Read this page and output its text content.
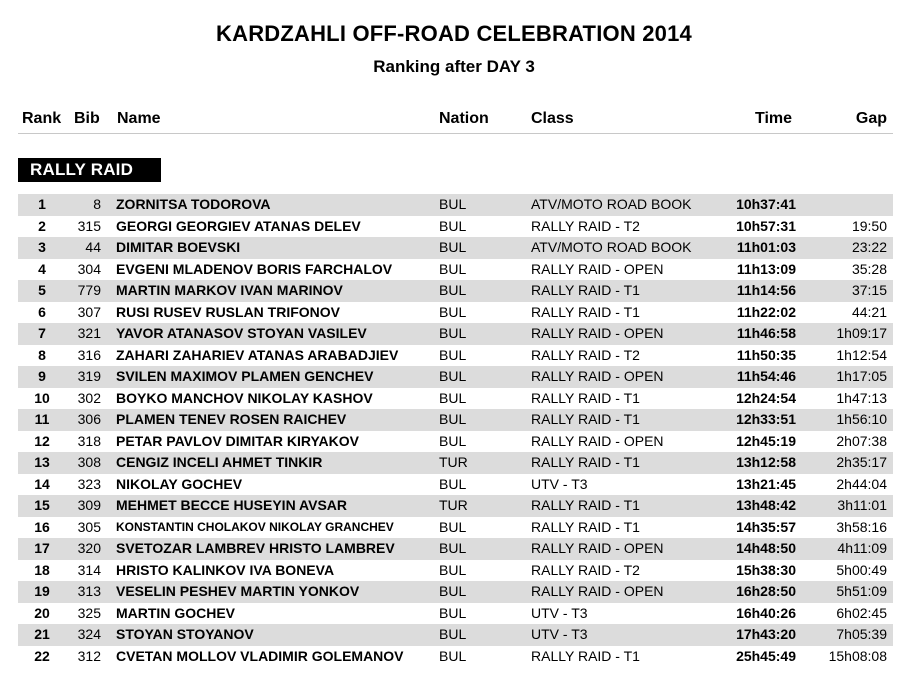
KARDZAHLI OFF-ROAD CELEBRATION 2014
Ranking after DAY 3
Rank Bib Name	Nation	Class	Time	Gap
RALLY RAID
1	8 ZORNITSA TODOROVA	BUL	ATV/MOTO ROAD BOOK	10h37:41
2	315 GEORGI GEORGIEV ATANAS DELEV	BUL	RALLY RAID - T2	10h57:31	19:50
3	44 DIMITAR BOEVSKI	BUL	ATV/MOTO ROAD BOOK	11h01:03	23:22
4	304 EVGENI MLADENOV BORIS FARCHALOV	BUL	RALLY RAID - OPEN	11h13:09	35:28
5	779 MARTIN MARKOV IVAN MARINOV	BUL	RALLY RAID - T1	11h14:56	37:15
6	307 RUSI RUSEV RUSLAN TRIFONOV	BUL	RALLY RAID - T1	11h22:02	44:21
7	321 YAVOR ATANASOV STOYAN VASILEV	BUL	RALLY RAID - OPEN	11h46:58	1h09:17
8	316 ZAHARI ZAHARIEV ATANAS ARABADJIEV	BUL	RALLY RAID - T2	11h50:35	1h12:54
9	319 SVILEN MAXIMOV PLAMEN GENCHEV	BUL	RALLY RAID - OPEN	11h54:46	1h17:05
10	302 BOYKO MANCHOV NIKOLAY KASHOV	BUL	RALLY RAID - T1	12h24:54	1h47:13
11	306 PLAMEN TENEV ROSEN RAICHEV	BUL	RALLY RAID - T1	12h33:51	1h56:10
12	318 PETAR PAVLOV DIMITAR KIRYAKOV	BUL	RALLY RAID - OPEN	12h45:19	2h07:38
13	308 CENGIZ INCELI AHMET TINKIR	TUR	RALLY RAID - T1	13h12:58	2h35:17
14	323 NIKOLAY GOCHEV	BUL	UTV - T3	13h21:45	2h44:04
15	309 MEHMET BECCE HUSEYIN AVSAR	TUR	RALLY RAID - T1	13h48:42	3h11:01
16	305 KONSTANTIN CHOLAKOV NIKOLAY GRANCHEV	BUL	RALLY RAID - T1	14h35:57	3h58:16
17	320 SVETOZAR LAMBREV HRISTO LAMBREV	BUL	RALLY RAID - OPEN	14h48:50	4h11:09
18	314 HRISTO KALINKOV IVA BONEVA	BUL	RALLY RAID - T2	15h38:30	5h00:49
19	313 VESELIN PESHEV MARTIN YONKOV	BUL	RALLY RAID - OPEN	16h28:50	5h51:09
20	325 MARTIN GOCHEV	BUL	UTV - T3	16h40:26	6h02:45
21	324 STOYAN STOYANOV	BUL	UTV - T3	17h43:20	7h05:39
22	312 CVETAN MOLLOV VLADIMIR GOLEMANOV	BUL	RALLY RAID - T1	25h45:49	15h08:08
